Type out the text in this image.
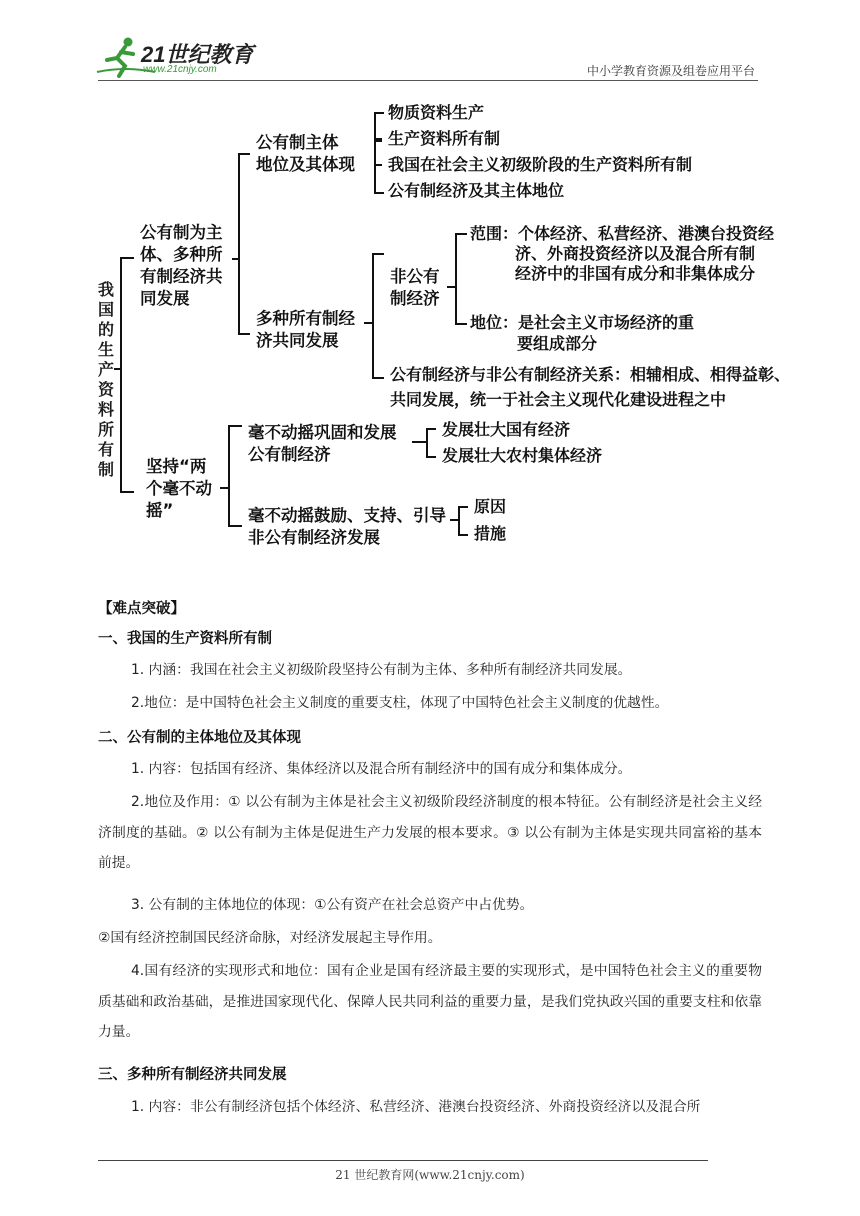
21世纪教育
www.21cnjy.com	中小学教育资源及组卷应用平台
我国的生产资料所有制
公有制为主
体、多种所
有制经济共
同发展
公有制主体
地位及其体现
物质资料生产
生产资料所有制
我国在社会主义初级阶段的生产资料所有制
公有制经济及其主体地位
多种所有制经
济共同发展
非公有
制经济
范围：个体经济、私营经济、港澳台投资经
济、外商投资经济以及混合所有制
经济中的非国有成分和非集体成分
地位：是社会主义市场经济的重
要组成部分
公有制经济与非公有制经济关系：相辅相成、相得益彰、
共同发展，统一于社会主义现代化建设进程之中
坚持“两
个毫不动
摇”
毫不动摇巩固和发展
公有制经济
发展壮大国有经济
发展壮大农村集体经济
毫不动摇鼓励、支持、引导
非公有制经济发展
原因
措施
【难点突破】
一、我国的生产资料所有制
1. 内涵：我国在社会主义初级阶段坚持公有制为主体、多种所有制经济共同发展。
2.地位：是中国特色社会主义制度的重要支柱，体现了中国特色社会主义制度的优越性。
二、公有制的主体地位及其体现
1. 内容：包括国有经济、集体经济以及混合所有制经济中的国有成分和集体成分。
2.地位及作用：① 以公有制为主体是社会主义初级阶段经济制度的根本特征。公有制经济是社会主义经济制度的基础。② 以公有制为主体是促进生产力发展的根本要求。③ 以公有制为主体是实现共同富裕的基本前提。
3. 公有制的主体地位的体现：①公有资产在社会总资产中占优势。
②国有经济控制国民经济命脉，对经济发展起主导作用。
4.国有经济的实现形式和地位：国有企业是国有经济最主要的实现形式，是中国特色社会主义的重要物质基础和政治基础，是推进国家现代化、保障人民共同利益的重要力量，是我们党执政兴国的重要支柱和依靠力量。
三、多种所有制经济共同发展
1. 内容：非公有制经济包括个体经济、私营经济、港澳台投资经济、外商投资经济以及混合所
21 世纪教育网(www.21cnjy.com)
